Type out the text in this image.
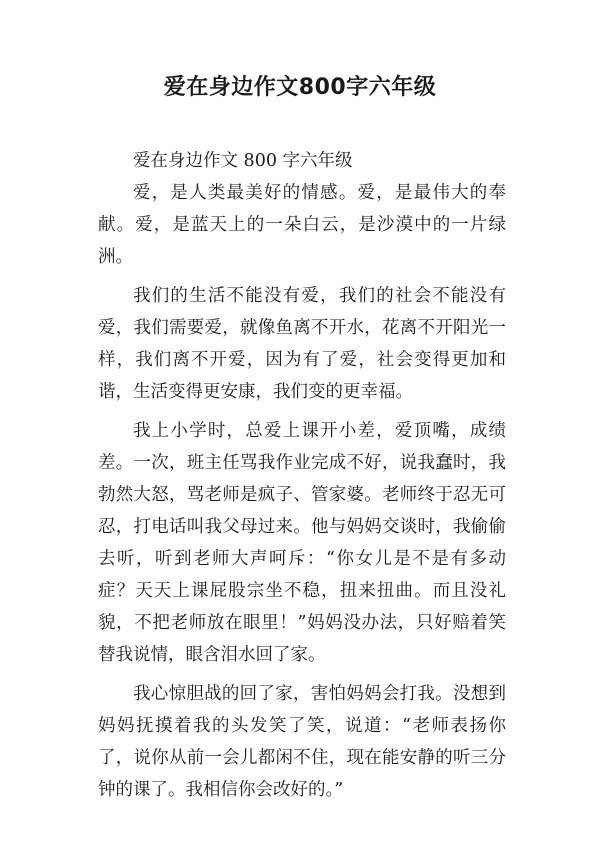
爱在身边作文800字六年级

爱在身边作文 800 字六年级

爱，是人类最美好的情感。爱，是最伟大的奉献。爱，是蓝天上的一朵白云，是沙漠中的一片绿洲。

我们的生活不能没有爱，我们的社会不能没有爱，我们需要爱，就像鱼离不开水，花离不开阳光一样，我们离不开爱，因为有了爱，社会变得更加和谐，生活变得更安康，我们变的更幸福。

我上小学时，总爱上课开小差，爱顶嘴，成绩差。一次，班主任骂我作业完成不好，说我蠢时，我勃然大怒，骂老师是疯子、管家婆。老师终于忍无可忍，打电话叫我父母过来。他与妈妈交谈时，我偷偷去听，听到老师大声呵斥：“你女儿是不是有多动症？天天上课屁股宗坐不稳，扭来扭曲。而且没礼貌，不把老师放在眼里！”妈妈没办法，只好赔着笑替我说情，眼含泪水回了家。

我心惊胆战的回了家，害怕妈妈会打我。没想到妈妈抚摸着我的头发笑了笑，说道：“老师表扬你了，说你从前一会儿都闲不住，现在能安静的听三分钟的课了。我相信你会改好的。”
